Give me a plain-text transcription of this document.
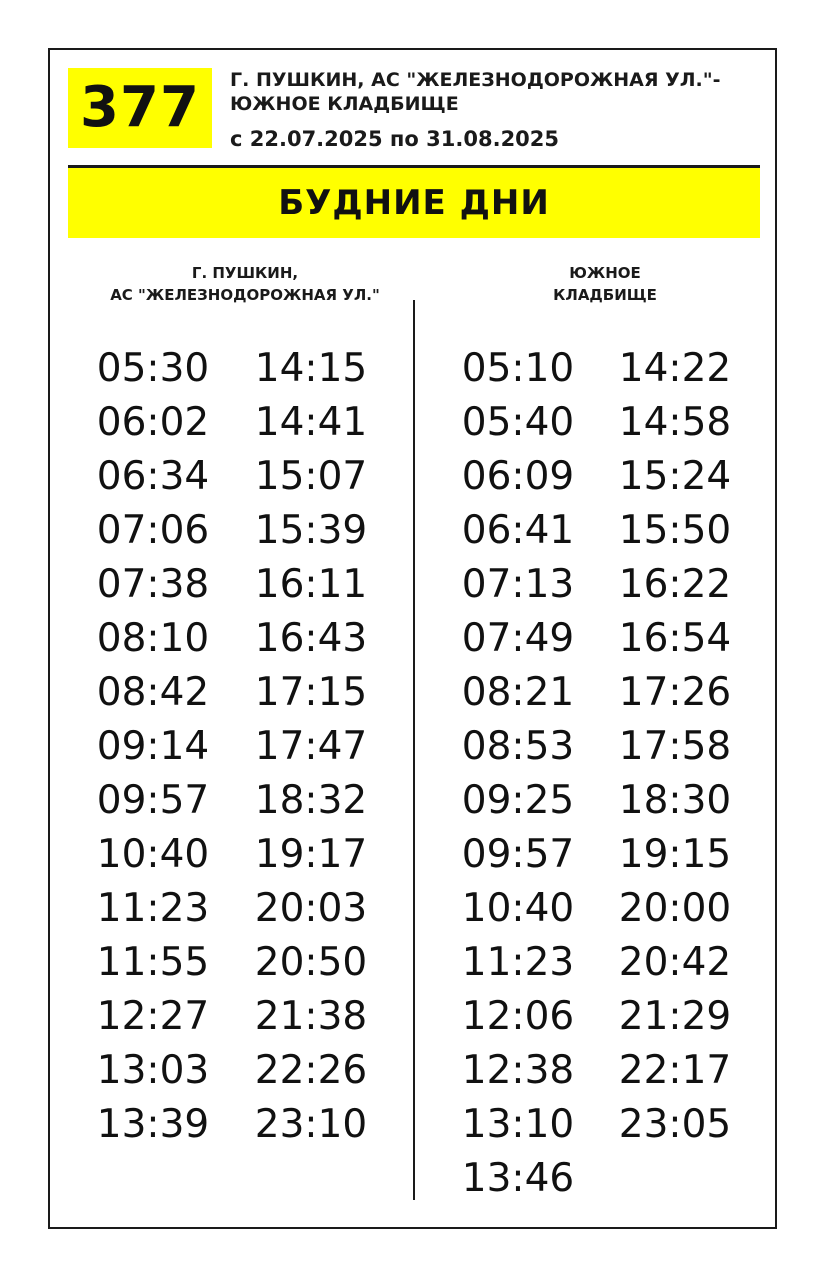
377 Г. ПУШКИН, АС "ЖЕЛЕЗНОДОРОЖНАЯ УЛ."-
ЮЖНОЕ КЛАДБИЩЕ
с 22.07.2025 по 31.08.2025
БУДНИЕ ДНИ
Г. ПУШКИН,
АС "ЖЕЛЕЗНОДОРОЖНАЯ УЛ."
ЮЖНОЕ
КЛАДБИЩЕ
05:30
06:02
06:34
07:06
07:38
08:10
08:42
09:14
09:57
10:40
11:23
11:55
12:27
13:03
13:39
14:15
14:41
15:07
15:39
16:11
16:43
17:15
17:47
18:32
19:17
20:03
20:50
21:38
22:26
23:10
05:10
05:40
06:09
06:41
07:13
07:49
08:21
08:53
09:25
09:57
10:40
11:23
12:06
12:38
13:10
13:46
14:22
14:58
15:24
15:50
16:22
16:54
17:26
17:58
18:30
19:15
20:00
20:42
21:29
22:17
23:05
